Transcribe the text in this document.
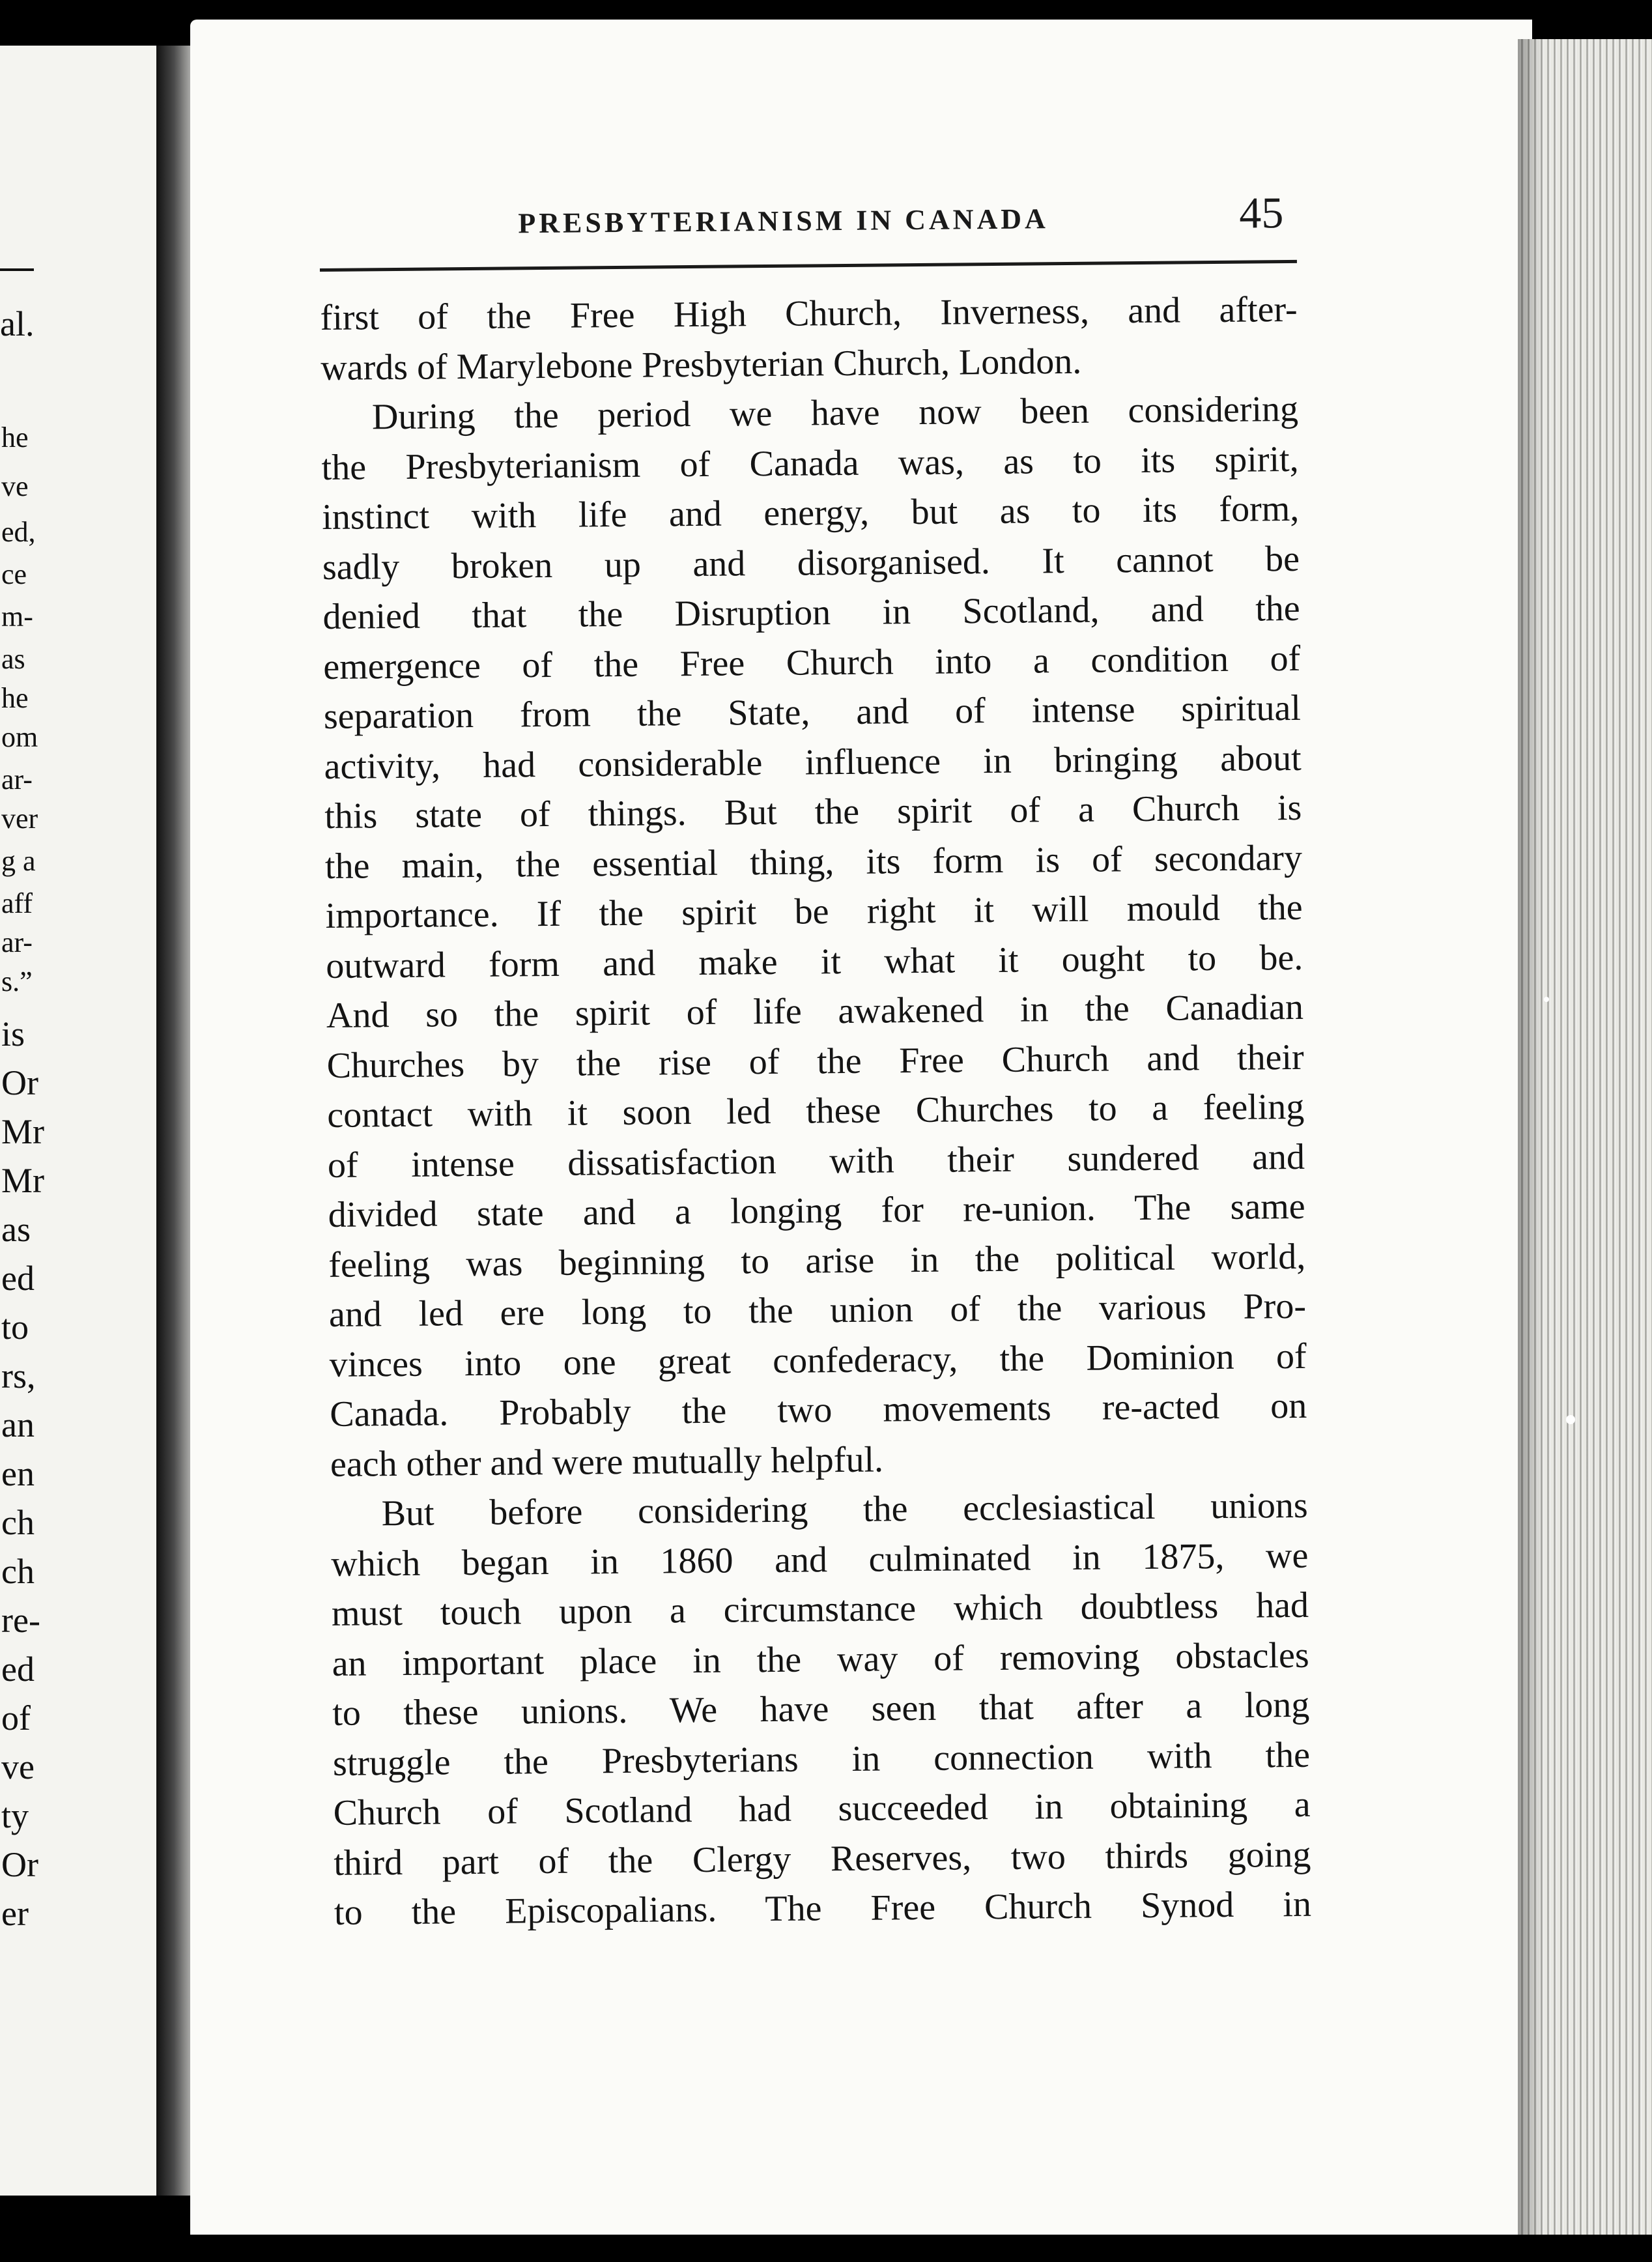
al.
he
ve
ed,
ce
m-
as
he
om
ar-
ver
g a
aff
ar-
s.”
is
Or
Mr
Mr
as
ed
to
rs,
an
en
ch
ch
re-
ed
of
ve
ty
Or
er
PRESBYTERIANISM IN CANADA	45
first of the Free High Church, Inverness, and after-
wards of Marylebone Presbyterian Church, London.
During the period we have now been considering
the Presbyterianism of Canada was, as to its spirit,
instinct with life and energy, but as to its form,
sadly broken up and disorganised. It cannot be
denied that the Disruption in Scotland, and the
emergence of the Free Church into a condition of
separation from the State, and of intense spiritual
activity, had considerable influence in bringing about
this state of things. But the spirit of a Church is
the main, the essential thing, its form is of secondary
importance. If the spirit be right it will mould the
outward form and make it what it ought to be.
And so the spirit of life awakened in the Canadian
Churches by the rise of the Free Church and their
contact with it soon led these Churches to a feeling
of intense dissatisfaction with their sundered and
divided state and a longing for re-union. The same
feeling was beginning to arise in the political world,
and led ere long to the union of the various Pro-
vinces into one great confederacy, the Dominion of
Canada. Probably the two movements re-acted on
each other and were mutually helpful.
But before considering the ecclesiastical unions
which began in 1860 and culminated in 1875, we
must touch upon a circumstance which doubtless had
an important place in the way of removing obstacles
to these unions. We have seen that after a long
struggle the Presbyterians in connection with the
Church of Scotland had succeeded in obtaining a
third part of the Clergy Reserves, two thirds going
to the Episcopalians. The Free Church Synod in
